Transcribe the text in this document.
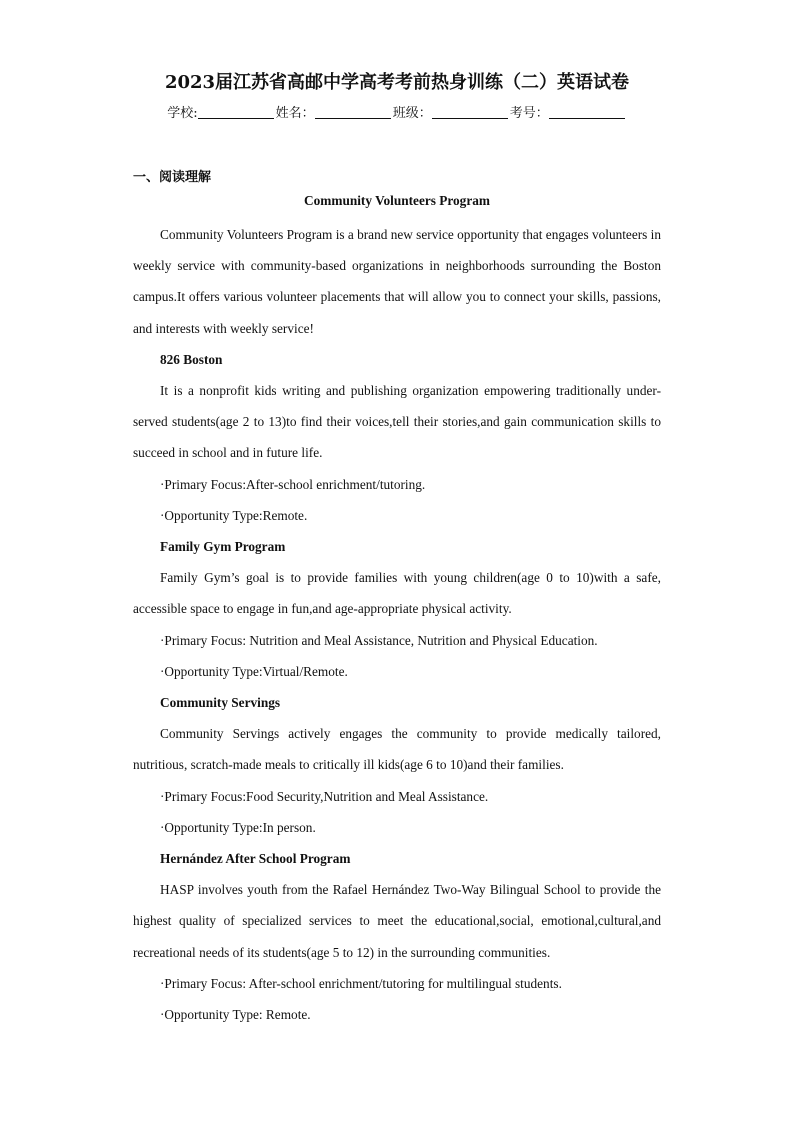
2023届江苏省高邮中学高考考前热身训练（二）英语试卷
学校:	姓名：	班级：	考号：
一、阅读理解
Community Volunteers Program

Community Volunteers Program is a brand new service opportunity that engages volunteers in weekly service with community-based organizations in neighborhoods surrounding the Boston campus.It offers various volunteer placements that will allow you to connect your skills, passions, and interests with weekly service!

826 Boston

It is a nonprofit kids writing and publishing organization empowering traditionally under-served students(age 2 to 13)to find their voices,tell their stories,and gain communication skills to succeed in school and in future life.

·Primary Focus:After-school enrichment/tutoring.

·Opportunity Type:Remote.

Family Gym Program

Family Gym’s goal is to provide families with young children(age 0 to 10)with a safe, accessible space to engage in fun,and age-appropriate physical activity.

·Primary Focus: Nutrition and Meal Assistance, Nutrition and Physical Education.

·Opportunity Type:Virtual/Remote.

Community Servings

Community Servings actively engages the community to provide medically tailored, nutritious, scratch-made meals to critically ill kids(age 6 to 10)and their families.

·Primary Focus:Food Security,Nutrition and Meal Assistance.

·Opportunity Type:In person.

Hernández After School Program

HASP involves youth from the Rafael Hernández Two-Way Bilingual School to provide the highest quality of specialized services to meet the educational,social, emotional,cultural,and recreational needs of its students(age 5 to 12) in the surrounding communities.

·Primary Focus: After-school enrichment/tutoring for multilingual students.

·Opportunity Type: Remote.
